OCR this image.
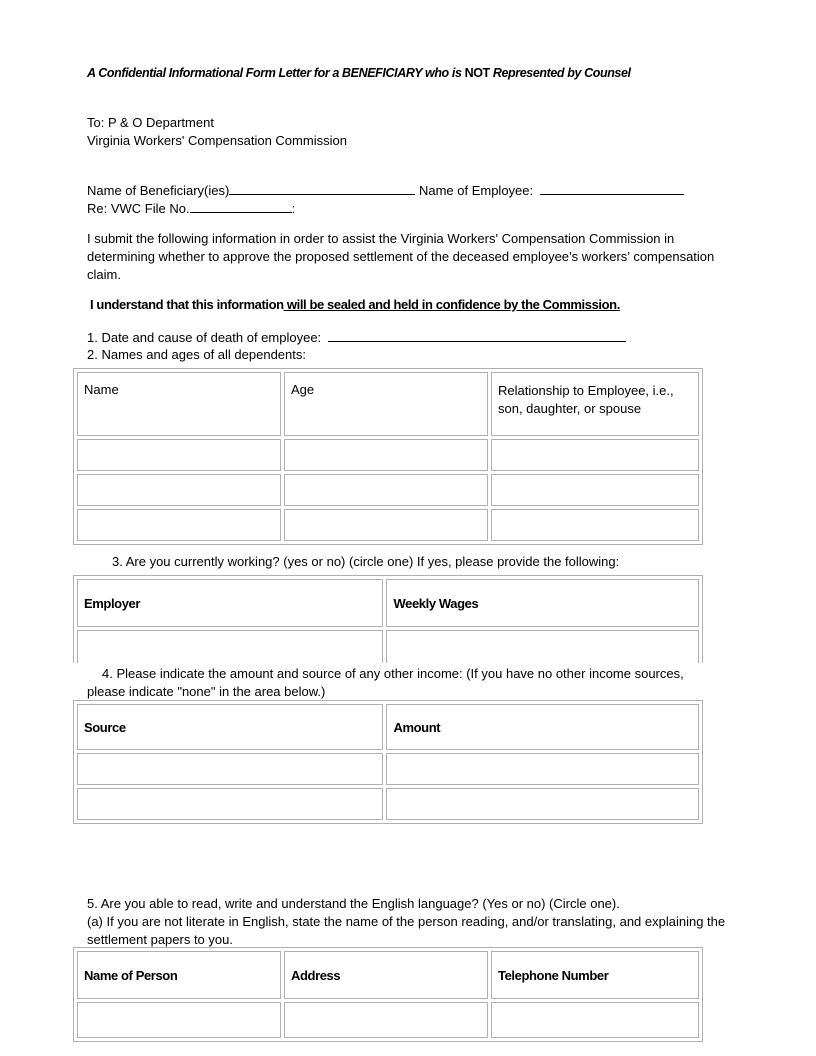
A Confidential Informational Form Letter for a BENEFICIARY who is NOT Represented by Counsel
To: P & O Department
Virginia Workers' Compensation Commission
Name of Beneficiary(ies)	Name of Employee:
Re: VWC File No.	:
I submit the following information in order to assist the Virginia Workers' Compensation Commission in determining whether to approve the proposed settlement of the deceased employee’s workers’ compensation claim.
I understand that this information will be sealed and held in confidence by the Commission.
1. Date and cause of death of employee:
2. Names and ages of all dependents:
Name	Age	Relationship to Employee, i.e., son, daughter, or spouse

3. Are you currently working? (yes or no) (circle one) If yes, please provide the following:
Employer	Weekly Wages

4. Please indicate the amount and source of any other income: (If you have no other income sources, please indicate "none" in the area below.)
Source	Amount

5. Are you able to read, write and understand the English language? (Yes or no) (Circle one).
(a) If you are not literate in English, state the name of the person reading, and/or translating, and explaining the settlement papers to you.
Name of Person	Address	Telephone Number
